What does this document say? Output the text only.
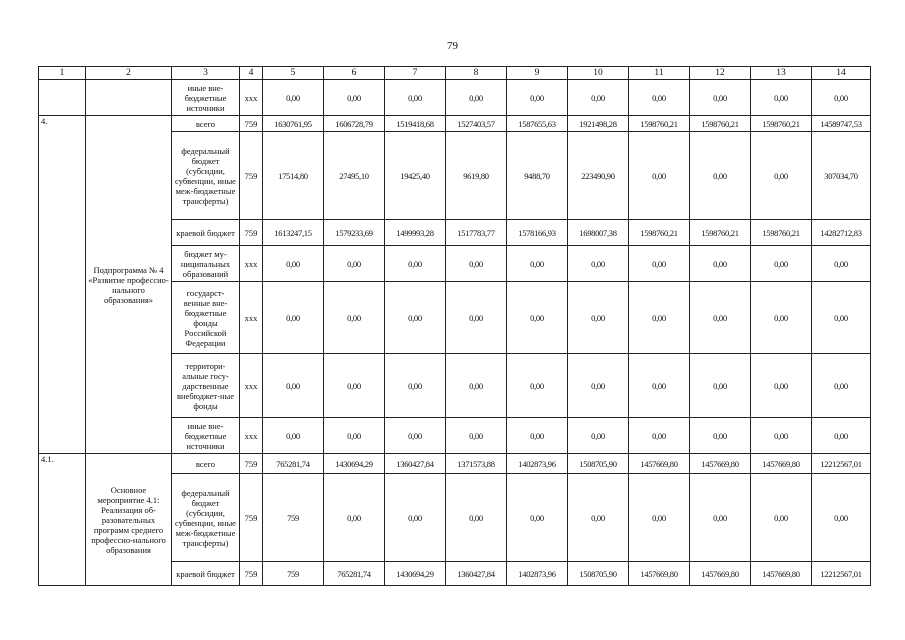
79
1	2	3	4	5	6	7	8	9	10	11	12	13	14
		иные вне-бюджетные источники	xxx	0,00	0,00	0,00	0,00	0,00	0,00	0,00	0,00	0,00	0,00
4.	Подпрограмма № 4 «Развитие профессио-нального образования»	всего	759	1630761,95	1606728,79	1519418,68	1527403,57	1587655,63	1921498,28	1598760,21	1598760,21	1598760,21	14589747,53
		федеральный бюджет (субсидии, субвенции, иные меж-бюджетные трансферты)	759	17514,80	27495,10	19425,40	9619,80	9488,70	223490,90	0,00	0,00	0,00	307034,70
		краевой бюджет	759	1613247,15	1579233,69	1499993,28	1517783,77	1578166,93	1698007,38	1598760,21	1598760,21	1598760,21	14282712,83
		бюджет му-ниципальных образований	xxx	0,00	0,00	0,00	0,00	0,00	0,00	0,00	0,00	0,00	0,00
		государст-венные вне-бюджетные фонды Российской Федерации	xxx	0,00	0,00	0,00	0,00	0,00	0,00	0,00	0,00	0,00	0,00
		территори-альные госу-дарственные внебюджет-ные фонды	xxx	0,00	0,00	0,00	0,00	0,00	0,00	0,00	0,00	0,00	0,00
		иные вне-бюджетные источники	xxx	0,00	0,00	0,00	0,00	0,00	0,00	0,00	0,00	0,00	0,00
4.1.	Основное мероприятие 4.1: Реализация об-разовательных программ среднего профессио-нального образования	всего	759	765281,74	1430694,29	1360427,84	1371573,88	1402873,96	1508705,90	1457669,80	1457669,80	1457669,80	12212567,01
		федеральный бюджет (субсидии, субвенции, иные меж-бюджетные трансферты)	759	759	0,00	0,00	0,00	0,00	0,00	0,00	0,00	0,00	0,00
		краевой бюджет	759	759	765281,74	1430694,29	1360427,84	1402873,96	1508705,90	1457669,80	1457669,80	1457669,80	12212567,01
